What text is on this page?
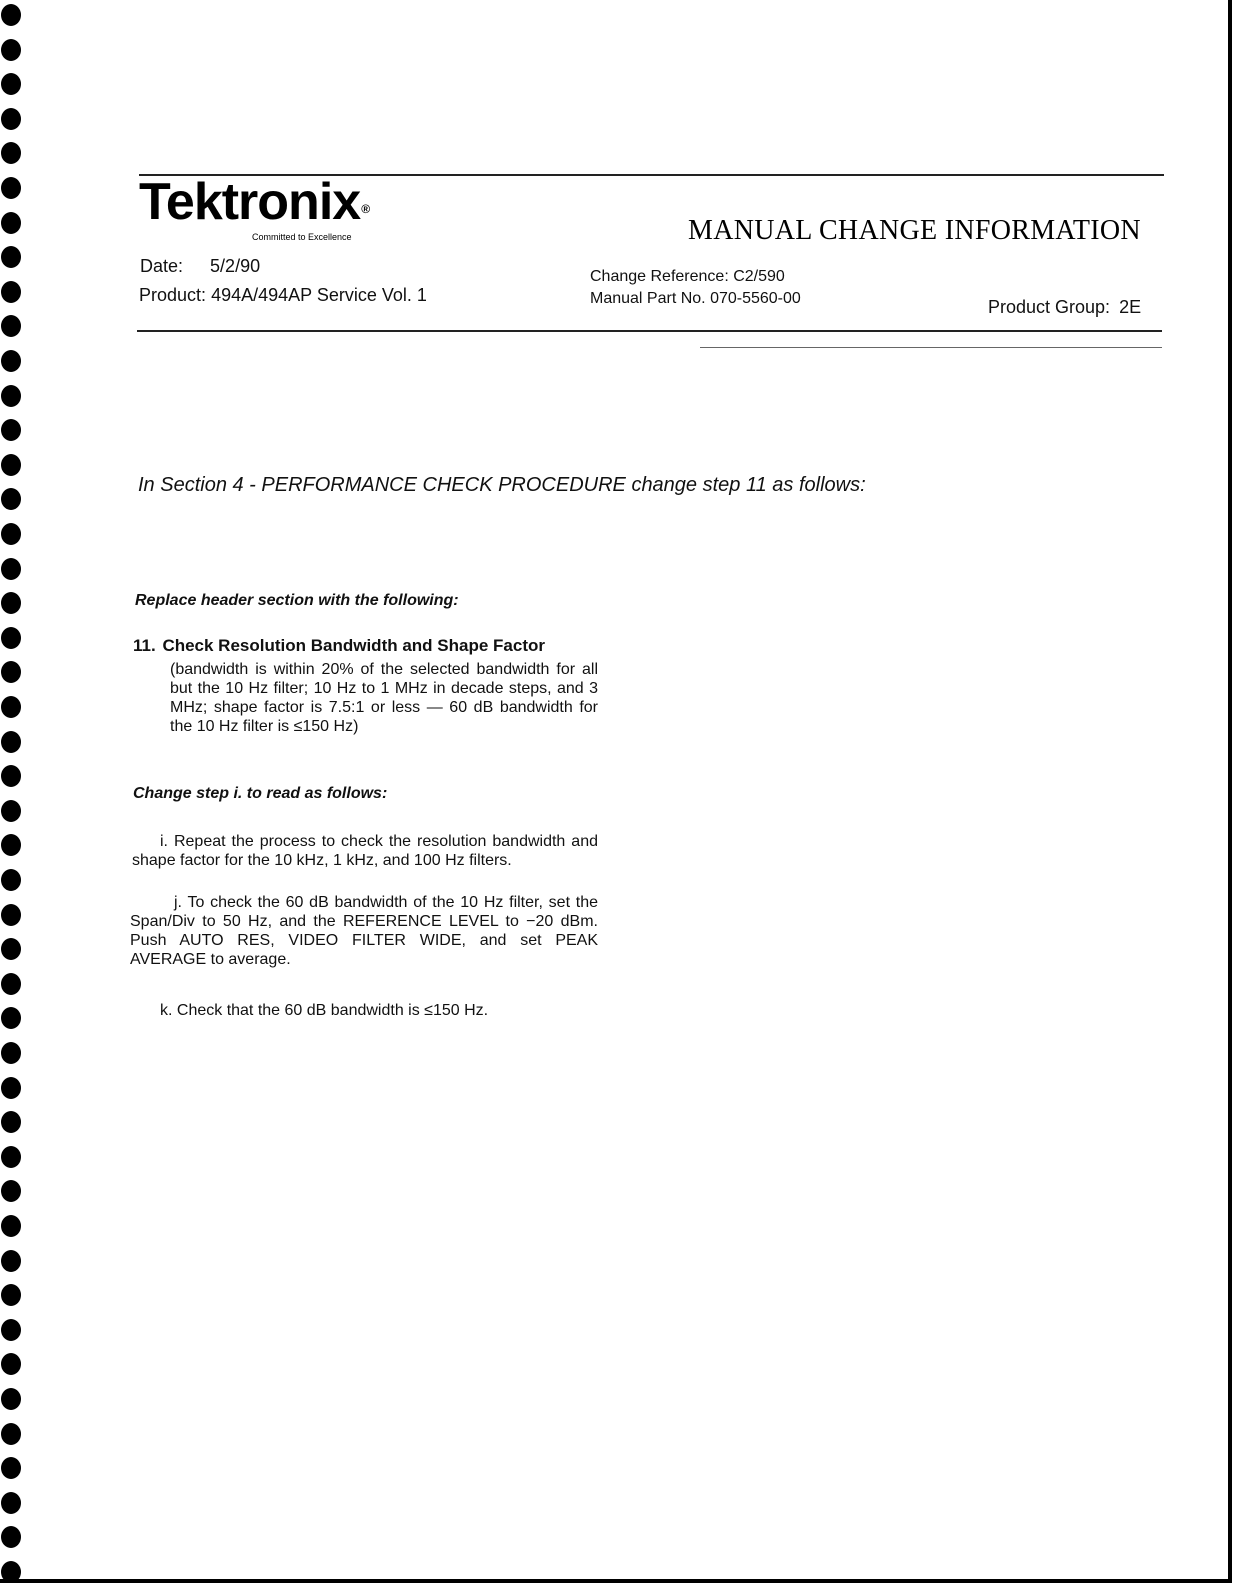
Tektronix®
Committed to Excellence	MANUAL CHANGE INFORMATION
Date: 5/2/90
Product: 494A/494AP Service Vol. 1
Change Reference: C2/590
Manual Part No. 070-5560-00	Product Group: 2E
In Section 4 - PERFORMANCE CHECK PROCEDURE change step 11 as follows:
Replace header section with the following:
11. Check Resolution Bandwidth and Shape Factor
(bandwidth is within 20% of the selected bandwidth for all but the 10 Hz filter; 10 Hz to 1 MHz in decade steps, and 3 MHz; shape factor is 7.5:1 or less — 60 dB bandwidth for the 10 Hz filter is ≤150 Hz)
Change step i. to read as follows:
i. Repeat the process to check the resolution bandwidth and shape factor for the 10 kHz, 1 kHz, and 100 Hz filters.
j. To check the 60 dB bandwidth of the 10 Hz filter, set the Span/Div to 50 Hz, and the REFERENCE LEVEL to −20 dBm. Push AUTO RES, VIDEO FILTER WIDE, and set PEAK AVERAGE to average.
k. Check that the 60 dB bandwidth is ≤150 Hz.
